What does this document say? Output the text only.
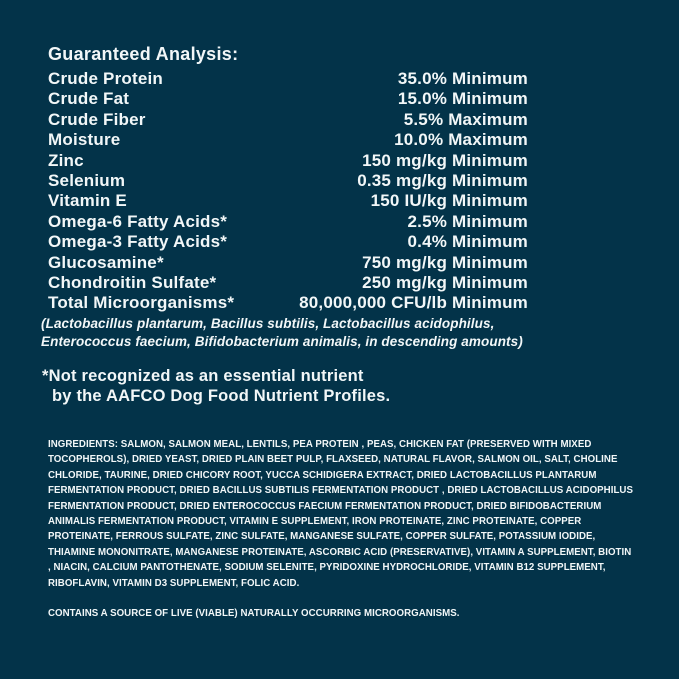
Guaranteed Analysis:
Crude Protein	35.0% Minimum
Crude Fat	15.0% Minimum
Crude Fiber	5.5% Maximum
Moisture	10.0% Maximum
Zinc	150 mg/kg Minimum
Selenium	0.35 mg/kg Minimum
Vitamin E	150 IU/kg Minimum
Omega-6 Fatty Acids*	2.5% Minimum
Omega-3 Fatty Acids*	0.4% Minimum
Glucosamine*	750 mg/kg Minimum
Chondroitin Sulfate*	250 mg/kg Minimum
Total Microorganisms*	80,000,000 CFU/lb Minimum
(Lactobacillus plantarum, Bacillus subtilis, Lactobacillus acidophilus,
Enterococcus faecium, Bifidobacterium animalis, in descending amounts)
*Not recognized as an essential nutrient
by the AAFCO Dog Food Nutrient Profiles.

INGREDIENTS: SALMON, SALMON MEAL, LENTILS, PEA PROTEIN , PEAS, CHICKEN FAT (PRESERVED WITH MIXED TOCOPHEROLS), DRIED YEAST, DRIED PLAIN BEET PULP, FLAXSEED, NATURAL FLAVOR, SALMON OIL, SALT, CHOLINE CHLORIDE, TAURINE, DRIED CHICORY ROOT, YUCCA SCHIDIGERA EXTRACT, DRIED LACTOBACILLUS PLANTARUM FERMENTATION PRODUCT, DRIED BACILLUS SUBTILIS FERMENTATION PRODUCT , DRIED LACTOBACILLUS ACIDOPHILUS FERMENTATION PRODUCT, DRIED ENTEROCOCCUS FAECIUM FERMENTATION PRODUCT, DRIED BIFIDOBACTERIUM ANIMALIS FERMENTATION PRODUCT, VITAMIN E SUPPLEMENT, IRON PROTEINATE, ZINC PROTEINATE, COPPER PROTEINATE, FERROUS SULFATE, ZINC SULFATE, MANGANESE SULFATE, COPPER SULFATE, POTASSIUM IODIDE, THIAMINE MONONITRATE, MANGANESE PROTEINATE, ASCORBIC ACID (PRESERVATIVE), VITAMIN A SUPPLEMENT, BIOTIN , NIACIN, CALCIUM PANTOTHENATE, SODIUM SELENITE, PYRIDOXINE HYDROCHLORIDE, VITAMIN B12 SUPPLEMENT, RIBOFLAVIN, VITAMIN D3 SUPPLEMENT, FOLIC ACID.

CONTAINS A SOURCE OF LIVE (VIABLE) NATURALLY OCCURRING MICROORGANISMS.
